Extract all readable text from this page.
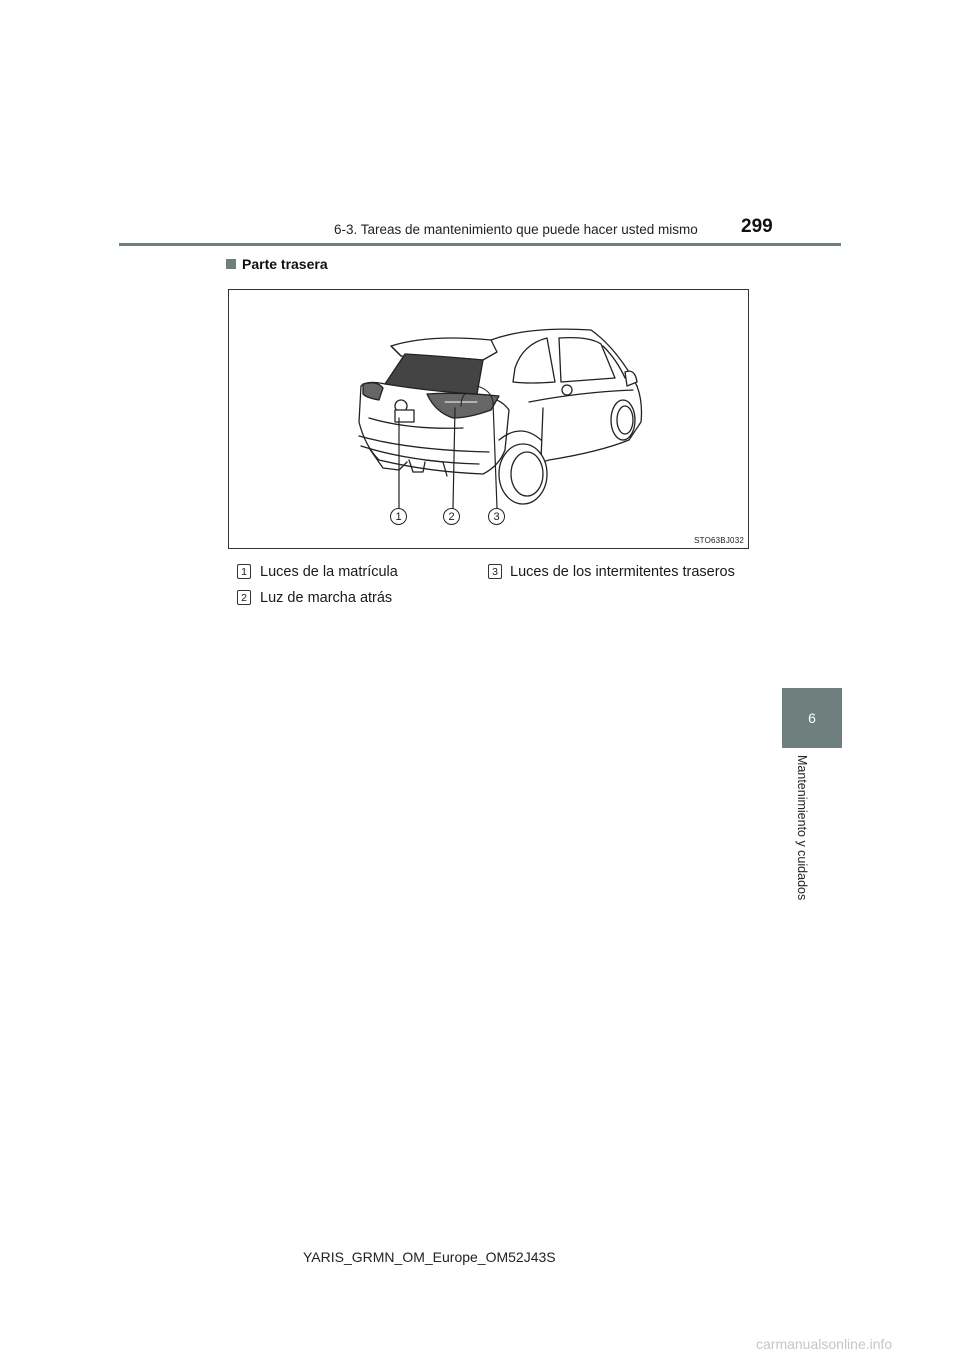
6-3. Tareas de mantenimiento que puede hacer usted mismo 299
6
Mantenimiento y cuidados
Parte trasera
1	2	3
STO63BJ032
1 Luces de la matrícula
2 Luz de marcha atrás
3 Luces de los intermitentes traseros
YARIS_GRMN_OM_Europe_OM52J43S
carmanualsonline.info
